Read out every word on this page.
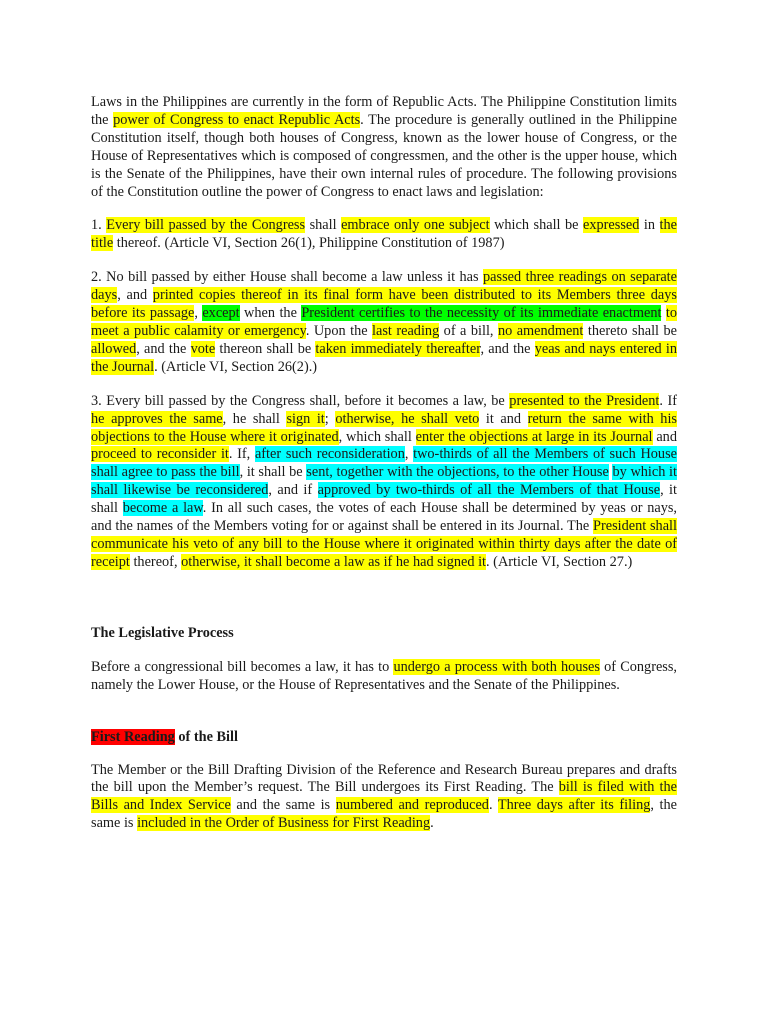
Laws in the Philippines are currently in the form of Republic Acts. The Philippine Constitution limits the power of Congress to enact Republic Acts. The procedure is generally outlined in the Philippine Constitution itself, though both houses of Congress, known as the lower house of Congress, or the House of Representatives which is composed of congressmen, and the other is the upper house, which is the Senate of the Philippines, have their own internal rules of procedure. The following provisions of the Constitution outline the power of Congress to enact laws and legislation:

1. Every bill passed by the Congress shall embrace only one subject which shall be expressed in the title thereof. (Article VI, Section 26(1), Philippine Constitution of 1987)

2. No bill passed by either House shall become a law unless it has passed three readings on separate days, and printed copies thereof in its final form have been distributed to its Members three days before its passage, except when the President certifies to the necessity of its immediate enactment to meet a public calamity or emergency. Upon the last reading of a bill, no amendment thereto shall be allowed, and the vote thereon shall be taken immediately thereafter, and the yeas and nays entered in the Journal. (Article VI, Section 26(2).)

3. Every bill passed by the Congress shall, before it becomes a law, be presented to the President. If he approves the same, he shall sign it; otherwise, he shall veto it and return the same with his objections to the House where it originated, which shall enter the objections at large in its Journal and proceed to reconsider it. If, after such reconsideration, two-thirds of all the Members of such House shall agree to pass the bill, it shall be sent, together with the objections, to the other House by which it shall likewise be reconsidered, and if approved by two-thirds of all the Members of that House, it shall become a law. In all such cases, the votes of each House shall be determined by yeas or nays, and the names of the Members voting for or against shall be entered in its Journal. The President shall communicate his veto of any bill to the House where it originated within thirty days after the date of receipt thereof, otherwise, it shall become a law as if he had signed it. (Article VI, Section 27.)

The Legislative Process

Before a congressional bill becomes a law, it has to undergo a process with both houses of Congress, namely the Lower House, or the House of Representatives and the Senate of the Philippines.

First Reading of the Bill

The Member or the Bill Drafting Division of the Reference and Research Bureau prepares and drafts the bill upon the Member’s request. The Bill undergoes its First Reading. The bill is filed with the Bills and Index Service and the same is numbered and reproduced. Three days after its filing, the same is included in the Order of Business for First Reading.
